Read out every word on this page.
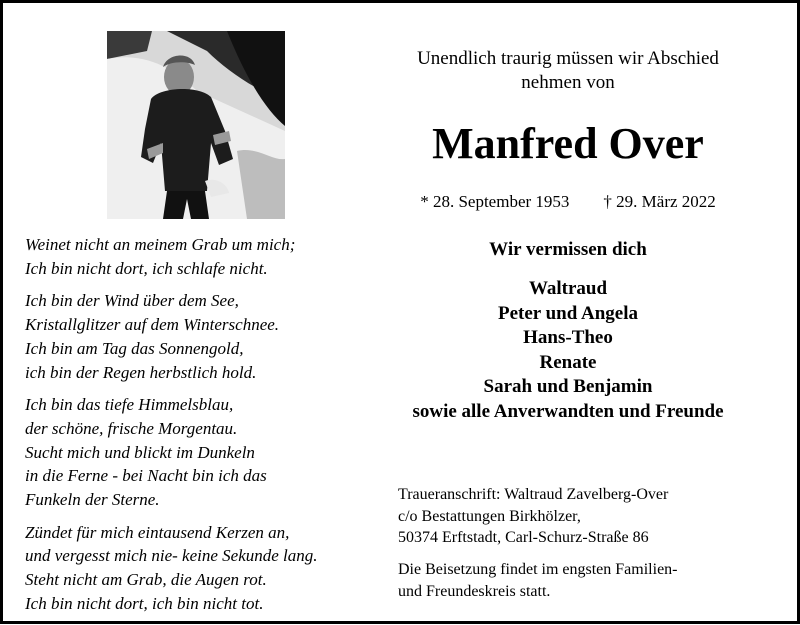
Weinet nicht an meinem Grab um mich;
Ich bin nicht dort, ich schlafe nicht.
Ich bin der Wind über dem See,
Kristallglitzer auf dem Winterschnee.
Ich bin am Tag das Sonnengold,
ich bin der Regen herbstlich hold.
Ich bin das tiefe Himmelsblau,
der schöne, frische Morgentau.
Sucht mich und blickt im Dunkeln
in die Ferne - bei Nacht bin ich das
Funkeln der Sterne.
Zündet für mich eintausend Kerzen an,
und vergesst mich nie- keine Sekunde lang.
Steht nicht am Grab, die Augen rot.
Ich bin nicht dort, ich bin nicht tot.
Unendlich traurig müssen wir Abschied
nehmen von
Manfred Over
* 28. September 1953 † 29. März 2022
Wir vermissen dich
Waltraud
Peter und Angela
Hans-Theo
Renate
Sarah und Benjamin
sowie alle Anverwandten und Freunde
Traueranschrift: Waltraud Zavelberg-Over
c/o Bestattungen Birkhölzer,
50374 Erftstadt, Carl-Schurz-Straße 86
Die Beisetzung findet im engsten Familien-
und Freundeskreis statt.
